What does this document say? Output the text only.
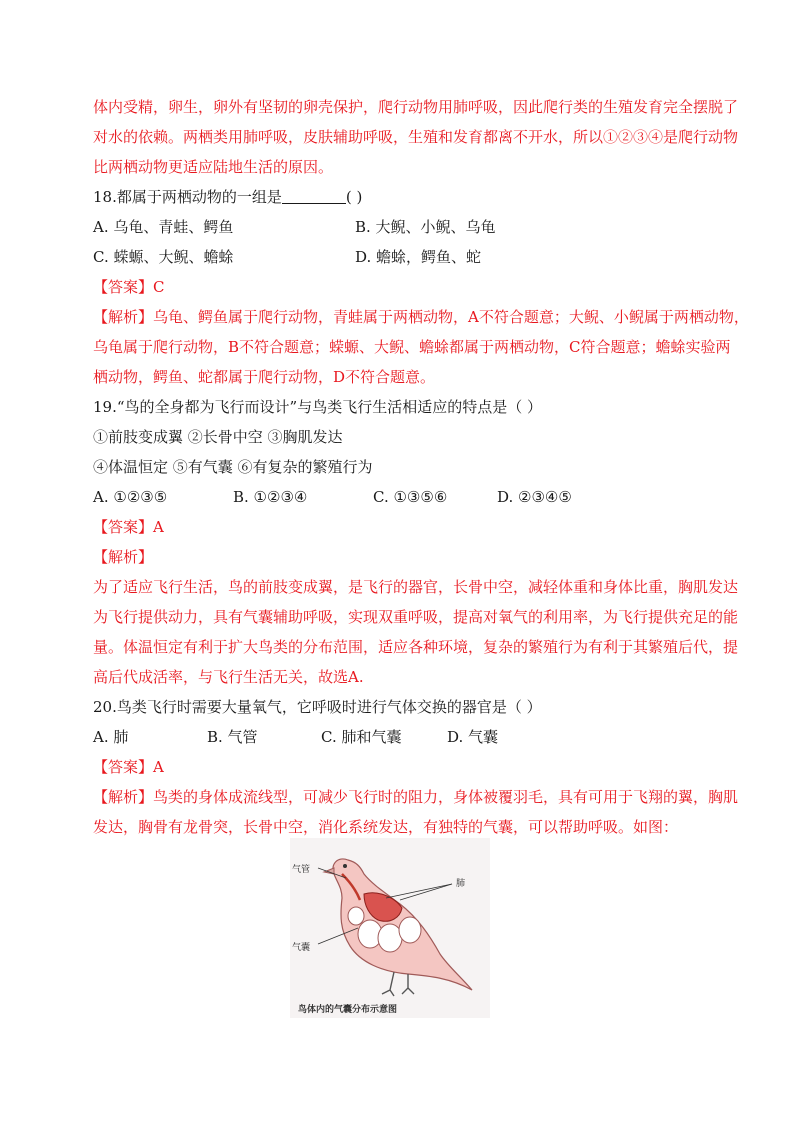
体内受精，卵生，卵外有坚韧的卵壳保护，爬行动物用肺呼吸，因此爬行类的生殖发育完全摆脱了
对水的依赖。两栖类用肺呼吸，皮肤辅助呼吸，生殖和发育都离不开水，所以①②③④是爬行动物
比两栖动物更适应陆地生活的原因。
18.都属于两栖动物的一组是	( )
A. 乌龟、青蛙、鳄鱼	B. 大鲵、小鲵、乌龟
C. 蝾螈、大鲵、蟾蜍	D. 蟾蜍，鳄鱼、蛇
【答案】C
【解析】乌龟、鳄鱼属于爬行动物，青蛙属于两栖动物，A不符合题意；大鲵、小鲵属于两栖动物，
乌龟属于爬行动物，B不符合题意；蝾螈、大鲵、蟾蜍都属于两栖动物，C符合题意；蟾蜍实验两
栖动物，鳄鱼、蛇都属于爬行动物，D不符合题意。
19.“鸟的全身都为飞行而设计”与鸟类飞行生活相适应的特点是（ ）
①前肢变成翼 ②长骨中空 ③胸肌发达
④体温恒定 ⑤有气囊 ⑥有复杂的繁殖行为
A. ①②③⑤	B. ①②③④	C. ①③⑤⑥	D. ②③④⑤
【答案】A
【解析】
为了适应飞行生活，鸟的前肢变成翼，是飞行的器官，长骨中空，减轻体重和身体比重，胸肌发达
为飞行提供动力，具有气囊辅助呼吸，实现双重呼吸，提高对氧气的利用率，为飞行提供充足的能
量。体温恒定有利于扩大鸟类的分布范围，适应各种环境，复杂的繁殖行为有利于其繁殖后代，提
高后代成活率，与飞行生活无关，故选A.
20.鸟类飞行时需要大量氧气，它呼吸时进行气体交换的器官是（ ）
A. 肺	B. 气管	C. 肺和气囊	D. 气囊
【答案】A
【解析】鸟类的身体成流线型，可减少飞行时的阻力，身体被覆羽毛，具有可用于飞翔的翼，胸肌
发达，胸骨有龙骨突，长骨中空，消化系统发达，有独特的气囊，可以帮助呼吸。如图：
气管
肺
气囊
鸟体内的气囊分布示意图
